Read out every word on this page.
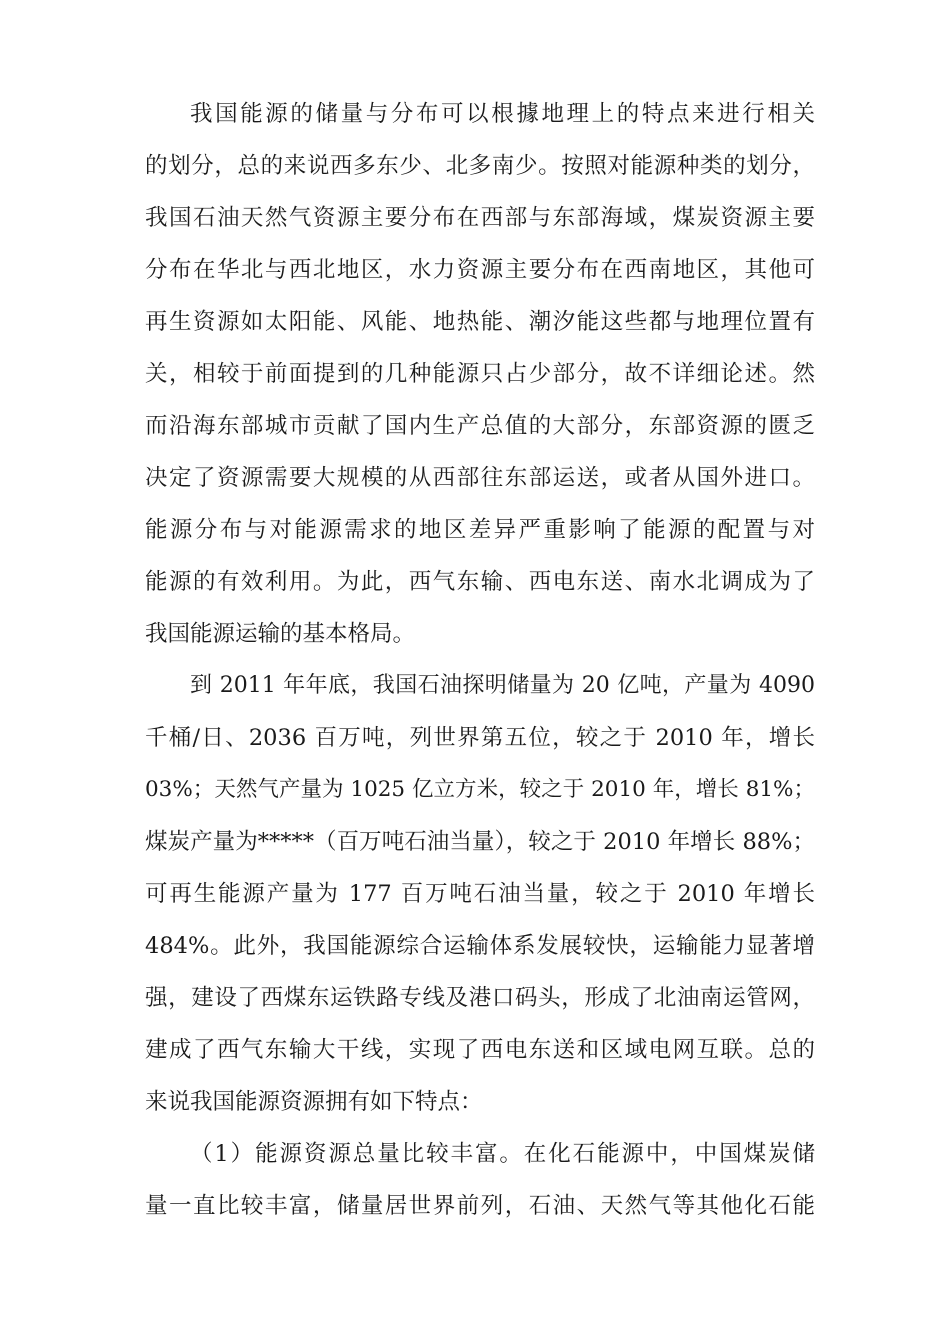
我国能源的储量与分布可以根據地理上的特点来进行相关
的划分，总的来说西多东少、北多南少。按照对能源种类的划分，
我国石油天然气资源主要分布在西部与东部海域，煤炭资源主要
分布在华北与西北地区，水力资源主要分布在西南地区，其他可
再生资源如太阳能、风能、地热能、潮汐能这些都与地理位置有
关，相较于前面提到的几种能源只占少部分，故不详细论述。然
而沿海东部城市贡献了国内生产总值的大部分，东部资源的匮乏
决定了资源需要大规模的从西部往东部运送，或者从国外进口。
能源分布与对能源需求的地区差异严重影响了能源的配置与对
能源的有效利用。为此，西气东输、西电东送、南水北调成为了
我国能源运输的基本格局。
到 2011 年年底，我国石油探明储量为 20 亿吨，产量为 4090
千桶/日、2036 百万吨，列世界第五位，较之于 2010 年，增长
03%；天然气产量为 1025 亿立方米，较之于 2010 年，增长 81%；
煤炭产量为*****（百万吨石油当量），较之于 2010 年增长 88%；
可再生能源产量为 177 百万吨石油当量，较之于 2010 年增长
484%。此外，我国能源综合运输体系发展较快，运输能力显著增
强，建设了西煤东运铁路专线及港口码头，形成了北油南运管网，
建成了西气东输大干线，实现了西电东送和区域电网互联。总的
来说我国能源资源拥有如下特点：
（1）能源资源总量比较丰富。在化石能源中，中国煤炭储
量一直比较丰富，储量居世界前列，石油、天然气等其他化石能
